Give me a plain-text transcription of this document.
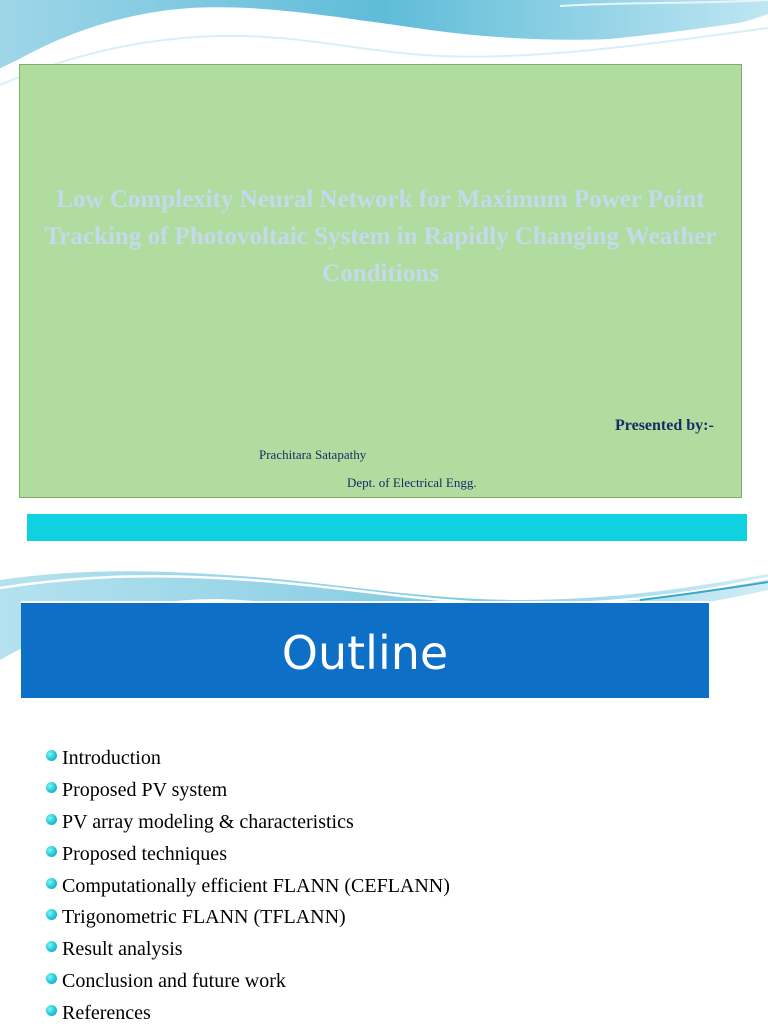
Low Complexity Neural Network for Maximum Power Point Tracking of Photovoltaic System in Rapidly Changing Weather Conditions
Presented by:-
Prachitara Satapathy
Dept. of Electrical Engg.
Outline
Introduction
Proposed PV system
PV array modeling & characteristics
Proposed techniques
Computationally efficient FLANN (CEFLANN)
Trigonometric FLANN (TFLANN)
Result analysis
Conclusion and future work
References
